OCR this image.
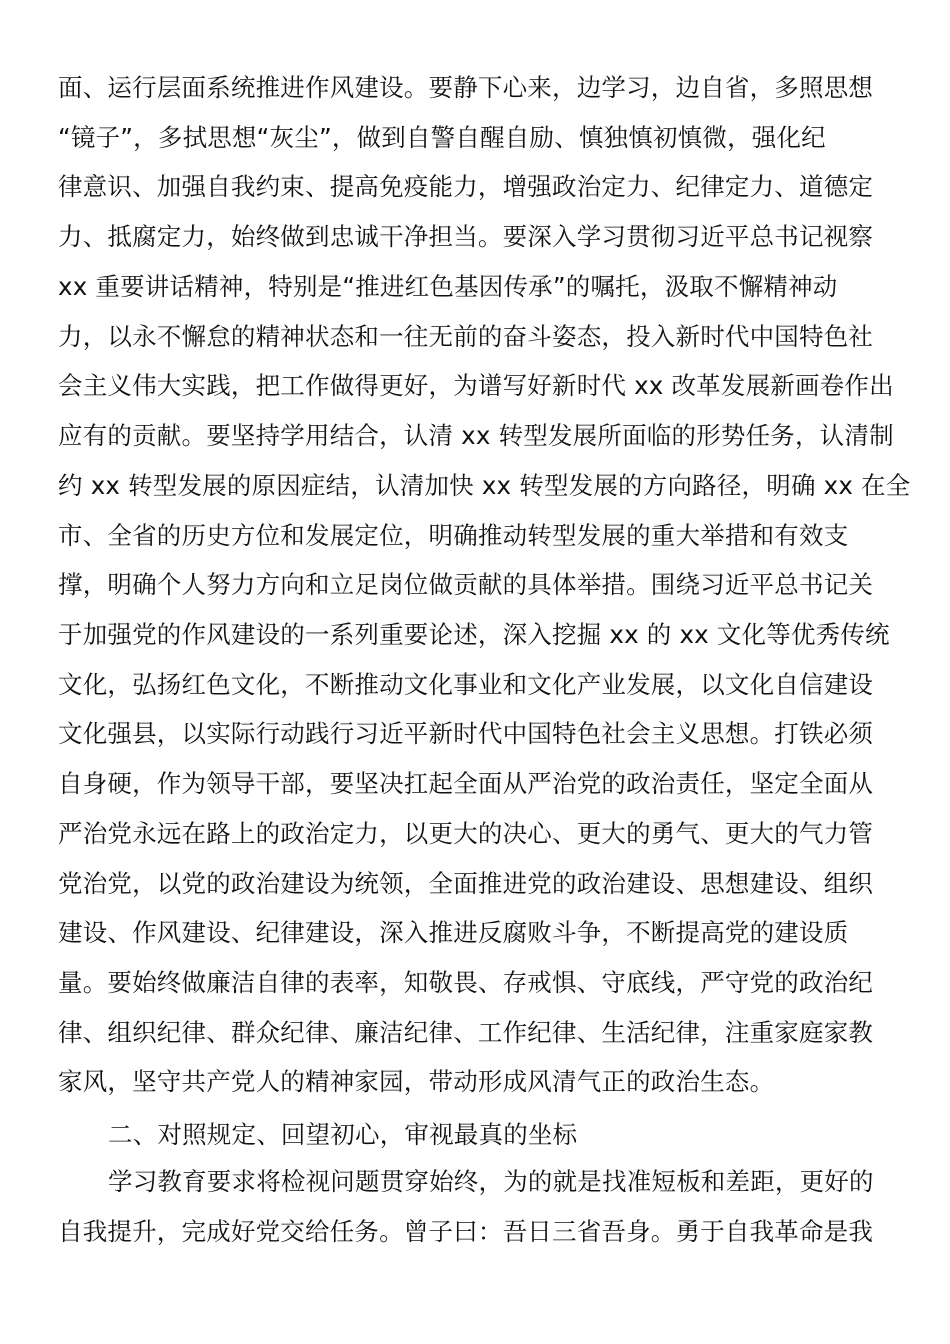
面、运行层面系统推进作风建设。要静下心来，边学习，边自省，多照思想
“镜子”，多拭思想“灰尘”，做到自警自醒自励、慎独慎初慎微，强化纪
律意识、加强自我约束、提高免疫能力，增强政治定力、纪律定力、道德定
力、抵腐定力，始终做到忠诚干净担当。要深入学习贯彻习近平总书记视察
xx 重要讲话精神，特别是“推进红色基因传承”的嘱托，汲取不懈精神动
力，以永不懈怠的精神状态和一往无前的奋斗姿态，投入新时代中国特色社
会主义伟大实践，把工作做得更好，为谱写好新时代 xx 改革发展新画卷作出
应有的贡献。要坚持学用结合，认清 xx 转型发展所面临的形势任务，认清制
约 xx 转型发展的原因症结，认清加快 xx 转型发展的方向路径，明确 xx 在全
市、全省的历史方位和发展定位，明确推动转型发展的重大举措和有效支
撑，明确个人努力方向和立足岗位做贡献的具体举措。围绕习近平总书记关
于加强党的作风建设的一系列重要论述，深入挖掘 xx 的 xx 文化等优秀传统
文化，弘扬红色文化，不断推动文化事业和文化产业发展，以文化自信建设
文化强县，以实际行动践行习近平新时代中国特色社会主义思想。打铁必须
自身硬，作为领导干部，要坚决扛起全面从严治党的政治责任，坚定全面从
严治党永远在路上的政治定力，以更大的决心、更大的勇气、更大的气力管
党治党，以党的政治建设为统领，全面推进党的政治建设、思想建设、组织
建设、作风建设、纪律建设，深入推进反腐败斗争，不断提高党的建设质
量。要始终做廉洁自律的表率，知敬畏、存戒惧、守底线，严守党的政治纪
律、组织纪律、群众纪律、廉洁纪律、工作纪律、生活纪律，注重家庭家教
家风，坚守共产党人的精神家园，带动形成风清气正的政治生态。
二、对照规定、回望初心，审视最真的坐标
学习教育要求将检视问题贯穿始终，为的就是找准短板和差距，更好的
自我提升，完成好党交给任务。曾子曰：吾日三省吾身。勇于自我革命是我
